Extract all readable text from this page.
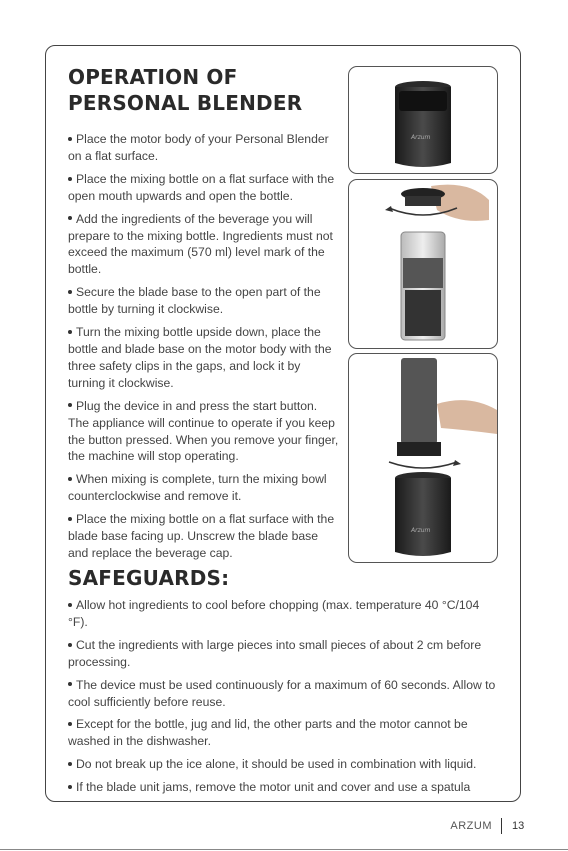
OPERATION OF PERSONAL BLENDER
Place the motor body of your Personal Blender on a flat surface.
Place the mixing bottle on a flat surface with the open mouth upwards and open the bottle.
Add the ingredients of the beverage you will prepare to the mixing bottle. Ingredients must not exceed the maximum (570 ml) level mark of the bottle.
Secure the blade base to the open part of the bottle by turning it clockwise.
Turn the mixing bottle upside down, place the bottle and blade base on the motor body with the three safety clips in the gaps, and lock it by turning it clockwise.
Plug the device in and press the start button. The appliance will continue to operate if you keep the button pressed. When you remove your finger, the machine will stop operating.
When mixing is complete, turn the mixing bowl counterclockwise and remove it.
Place the mixing bottle on a flat surface with the blade base facing up. Unscrew the blade base and replace the beverage cap.
Arzum
Arzum
SAFEGUARDS:
Allow hot ingredients to cool before chopping (max. temperature 40 °C/104 °F).
Cut the ingredients with large pieces into small pieces of about 2 cm before processing.
The device must be used continuously for a maximum of 60 seconds. Allow to cool sufficiently before reuse.
Except for the bottle, jug and lid, the other parts and the motor cannot be washed in the dishwasher.
Do not break up the ice alone, it should be used in combination with liquid.
If the blade unit jams, remove the motor unit and cover and use a spatula
ARZUM 13
